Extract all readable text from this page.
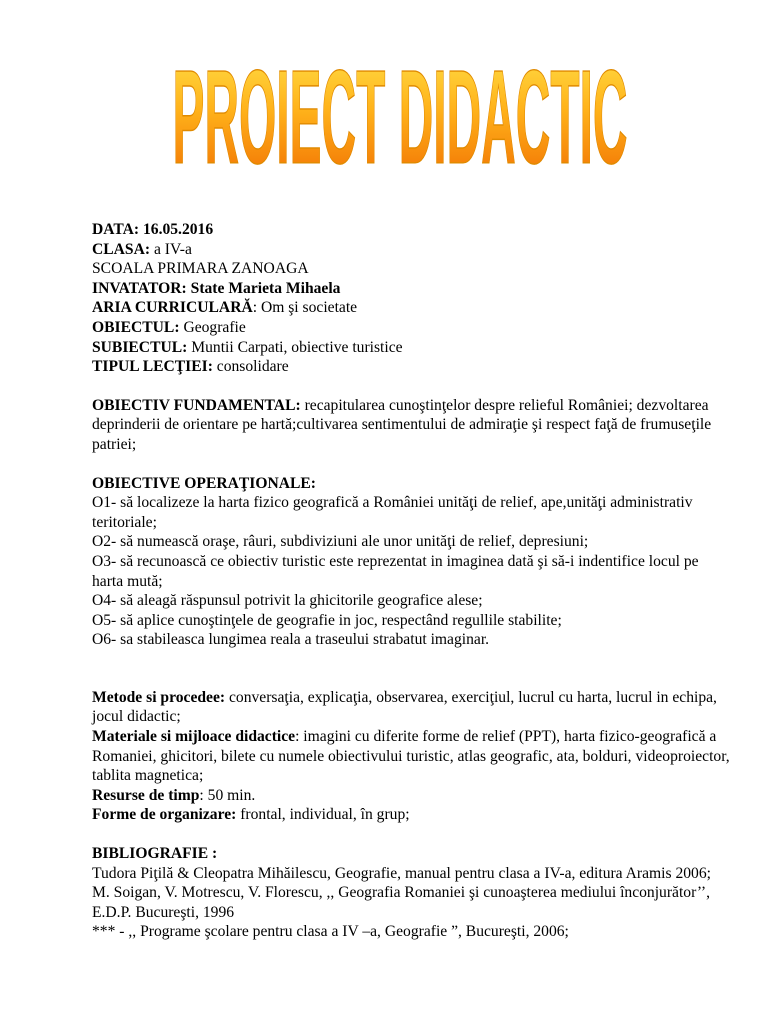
PROIECT DIDACTIC

DATA: 16.05.2016

CLASA: a IV-a

SCOALA PRIMARA ZANOAGA

INVATATOR: State Marieta Mihaela

ARIA CURRICULARĂ: Om şi societate

OBIECTUL: Geografie

SUBIECTUL: Muntii Carpati, obiective turistice

TIPUL LECŢIEI: consolidare

OBIECTIV FUNDAMENTAL: recapitularea cunoştinţelor despre relieful României; dezvoltarea deprinderii de orientare pe hartă;cultivarea sentimentului de admiraţie şi respect faţă de frumuseţile patriei;

OBIECTIVE OPERAŢIONALE:

O1- să localizeze la harta fizico geografică a României unităţi de relief, ape,unităţi administrativ teritoriale;

O2- să numească oraşe, râuri, subdiviziuni ale unor unităţi de relief, depresiuni;

O3- să recunoască ce obiectiv turistic este reprezentat in imaginea dată şi să-i indentifice locul pe harta mută;

O4- să aleagă răspunsul potrivit la ghicitorile geografice alese;

O5- să aplice cunoştinţele de geografie in joc, respectând regullile stabilite;

O6- sa stabileasca lungimea reala a traseului strabatut imaginar.

Metode si procedee: conversaţia, explicaţia, observarea, exerciţiul, lucrul cu harta, lucrul in echipa, jocul didactic;

Materiale si mijloace didactice: imagini cu diferite forme de relief (PPT), harta fizico-geografică a Romaniei, ghicitori, bilete cu numele obiectivului turistic, atlas geografic, ata, bolduri, videoproiector, tablita magnetica;

Resurse de timp: 50 min.

Forme de organizare: frontal, individual, în grup;

BIBLIOGRAFIE :

Tudora Piţilă & Cleopatra Mihăilescu, Geografie, manual pentru clasa a IV-a, editura Aramis 2006;

M. Soigan, V. Motrescu, V. Florescu, ,, Geografia Romaniei şi cunoaşterea mediului înconjurător’’, E.D.P. Bucureşti, 1996

*** - ,, Programe şcolare pentru clasa a IV –a, Geografie ”, Bucureşti, 2006;
